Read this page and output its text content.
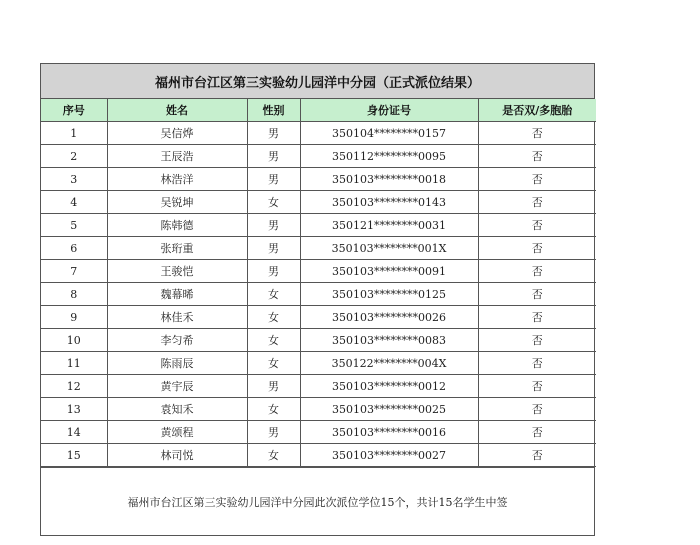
福州市台江区第三实验幼儿园洋中分园（正式派位结果）
序号	姓名	性别	身份证号	是否双/多胞胎
1	吴信烨	男	350104********0157	否
2	王辰浩	男	350112********0095	否
3	林浩洋	男	350103********0018	否
4	吴锐坤	女	350103********0143	否
5	陈韩德	男	350121********0031	否
6	张珩重	男	350103********001X	否
7	王骏恺	男	350103********0091	否
8	魏幕晞	女	350103********0125	否
9	林佳禾	女	350103********0026	否
10	李匀希	女	350103********0083	否
11	陈雨辰	女	350122********004X	否
12	黄宇辰	男	350103********0012	否
13	袁知禾	女	350103********0025	否
14	黄颂程	男	350103********0016	否
15	林司悦	女	350103********0027	否
福州市台江区第三实验幼儿园洋中分园此次派位学位15个，共计15名学生中签
